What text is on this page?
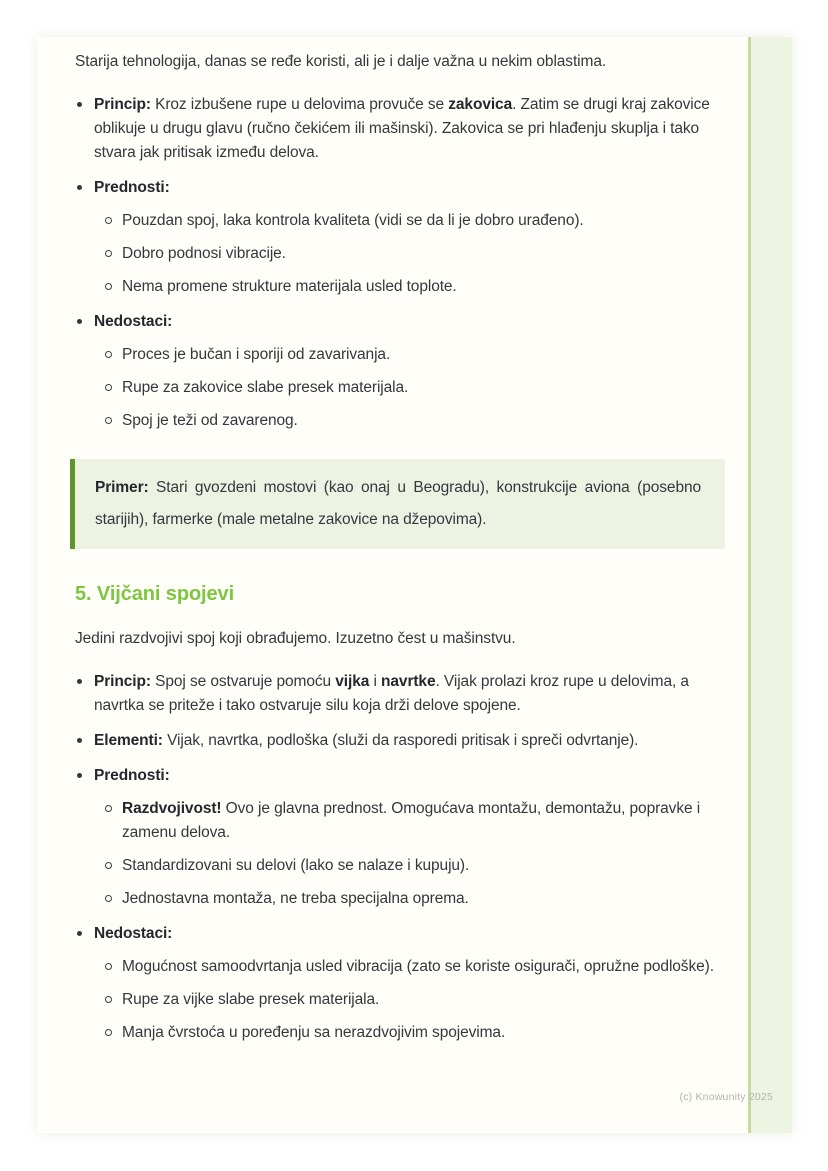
Starija tehnologija, danas se ređe koristi, ali je i dalje važna u nekim oblastima.

Princip: Kroz izbušene rupe u delovima provuče se zakovica. Zatim se drugi kraj zakovice oblikuje u drugu glavu (ručno čekićem ili mašinski). Zakovica se pri hlađenju skuplja i tako stvara jak pritisak između delova.
Prednosti:
Pouzdan spoj, laka kontrola kvaliteta (vidi se da li je dobro urađeno).
Dobro podnosi vibracije.
Nema promene strukture materijala usled toplote.
Nedostaci:
Proces je bučan i sporiji od zavarivanja.
Rupe za zakovice slabe presek materijala.
Spoj je teži od zavarenog.

Primer: Stari gvozdeni mostovi (kao onaj u Beogradu), konstrukcije aviona (posebno starijih), farmerke (male metalne zakovice na džepovima).

5. Vijčani spojevi

Jedini razdvojivi spoj koji obrađujemo. Izuzetno čest u mašinstvu.

Princip: Spoj se ostvaruje pomoću vijka i navrtke. Vijak prolazi kroz rupe u delovima, a navrtka se priteže i tako ostvaruje silu koja drži delove spojene.
Elementi: Vijak, navrtka, podloška (služi da rasporedi pritisak i spreči odvrtanje).
Prednosti:
Razdvojivost! Ovo je glavna prednost. Omogućava montažu, demontažu, popravke i zamenu delova.
Standardizovani su delovi (lako se nalaze i kupuju).
Jednostavna montaža, ne treba specijalna oprema.
Nedostaci:
Mogućnost samoodvrtanja usled vibracija (zato se koriste osigurači, opružne podloške).
Rupe za vijke slabe presek materijala.
Manja čvrstoća u poređenju sa nerazdvojivim spojevima.
(c) Knowunity 2025
